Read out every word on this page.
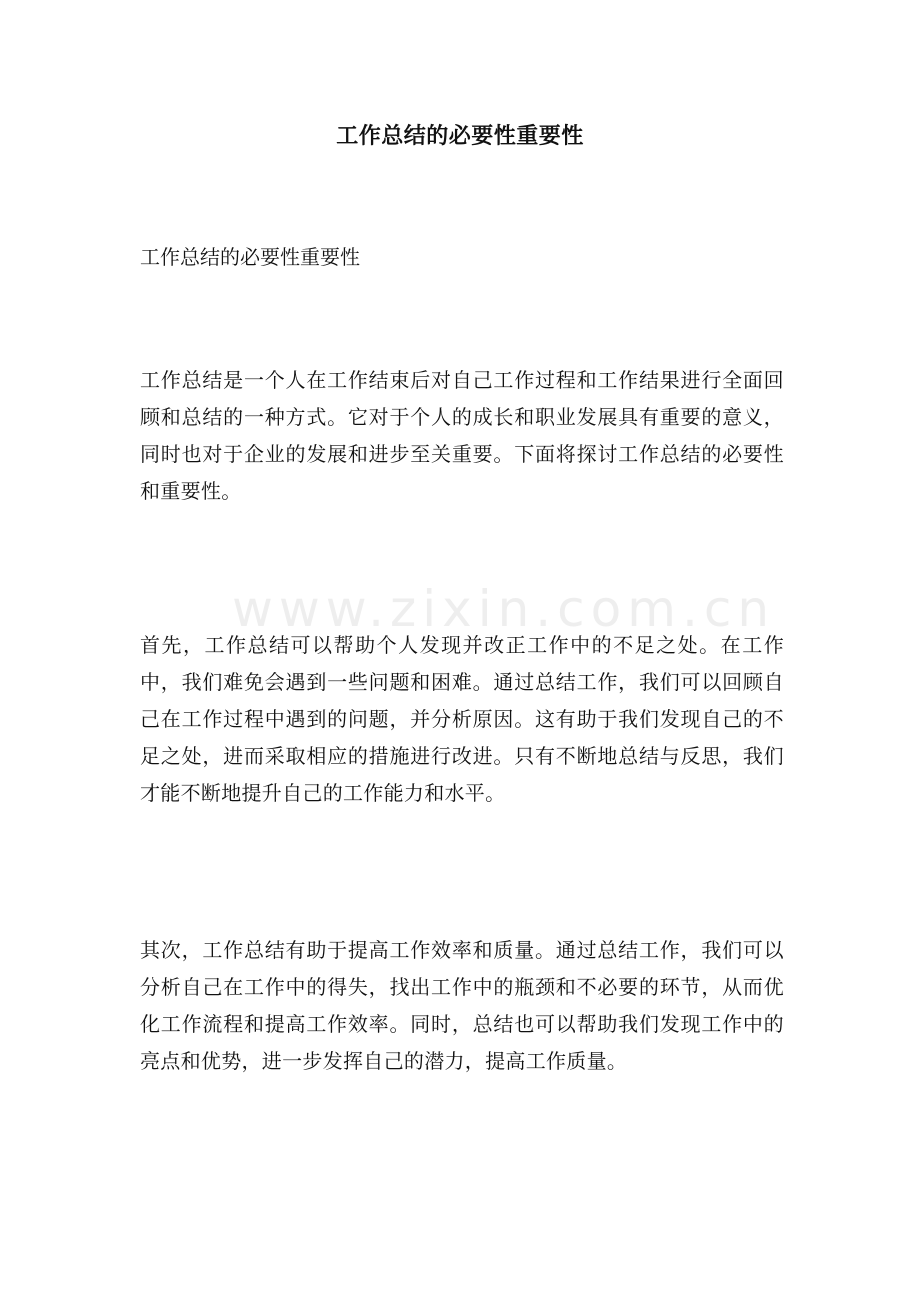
www.zixin.com.cn
工作总结的必要性重要性
工作总结的必要性重要性

工作总结是一个人在工作结束后对自己工作过程和工作结果进行全面回顾和总结的一种方式。它对于个人的成长和职业发展具有重要的意义，同时也对于企业的发展和进步至关重要。下面将探讨工作总结的必要性和重要性。

首先，工作总结可以帮助个人发现并改正工作中的不足之处。在工作中，我们难免会遇到一些问题和困难。通过总结工作，我们可以回顾自己在工作过程中遇到的问题，并分析原因。这有助于我们发现自己的不足之处，进而采取相应的措施进行改进。只有不断地总结与反思，我们才能不断地提升自己的工作能力和水平。

其次，工作总结有助于提高工作效率和质量。通过总结工作，我们可以分析自己在工作中的得失，找出工作中的瓶颈和不必要的环节，从而优化工作流程和提高工作效率。同时，总结也可以帮助我们发现工作中的亮点和优势，进一步发挥自己的潜力，提高工作质量。
